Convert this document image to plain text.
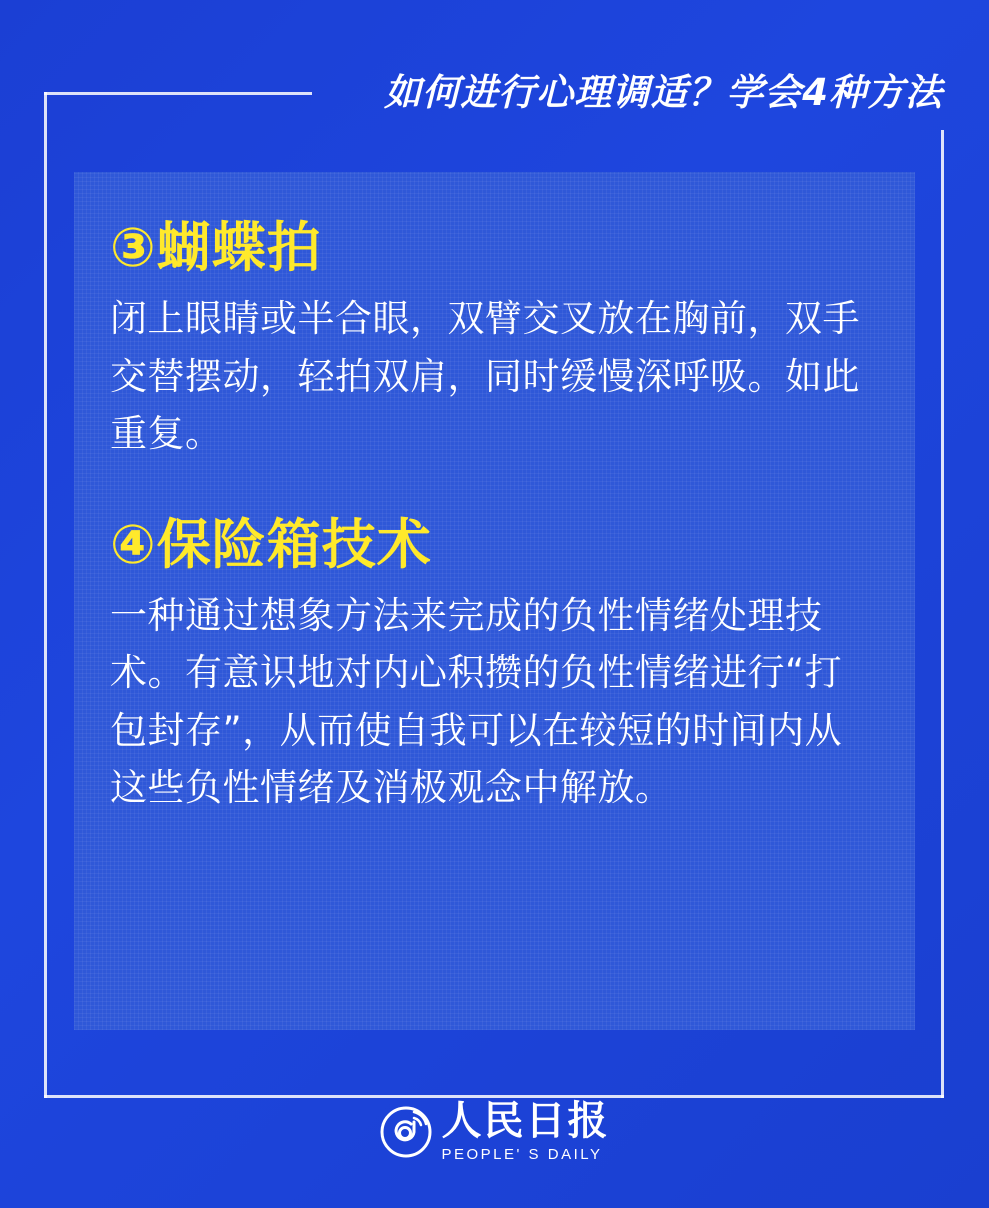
如何进行心理调适？学会4种方法
③蝴蝶拍
闭上眼睛或半合眼，双臂交叉放在胸前，双手交替摆动，轻拍双肩，同时缓慢深呼吸。如此重复。
④保险箱技术
一种通过想象方法来完成的负性情绪处理技术。有意识地对内心积攒的负性情绪进行“打包封存”，从而使自我可以在较短的时间内从这些负性情绪及消极观念中解放。
人民日报
PEOPLE' S DAILY
